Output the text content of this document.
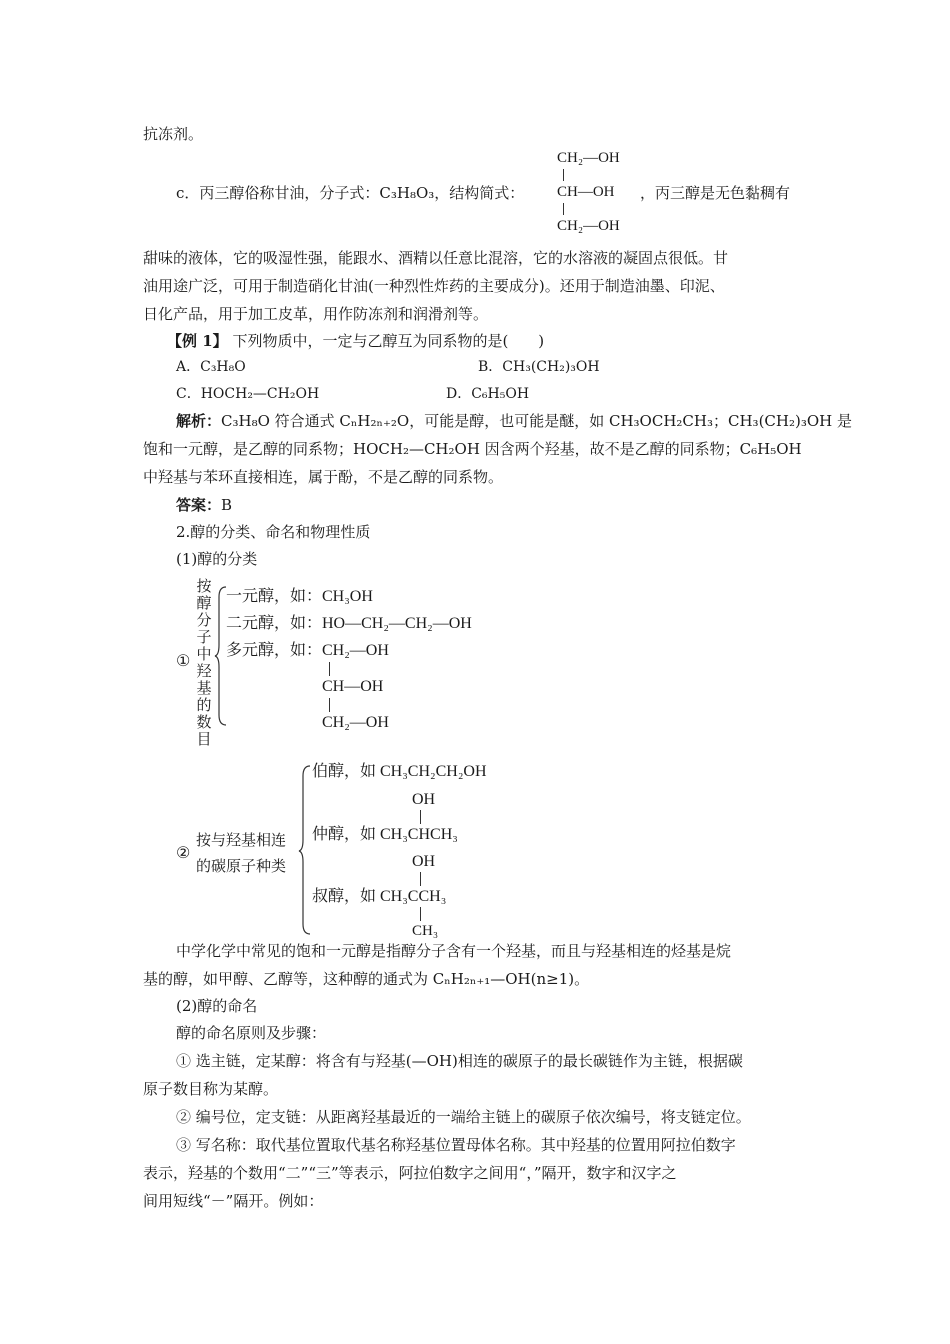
抗冻剂。
CH₂—OH
CH—OH
CH₂—OH
c．丙三醇俗称甘油，分子式：C₃H₈O₃，结构简式：	，丙三醇是无色黏稠有
甜味的液体，它的吸湿性强，能跟水、酒精以任意比混溶，它的水溶液的凝固点很低。甘
油用途广泛，可用于制造硝化甘油(一种烈性炸药的主要成分)。还用于制造油墨、印泥、
日化产品，用于加工皮革，用作防冻剂和润滑剂等。
【例 1】 下列物质中，一定与乙醇互为同系物的是(　　)
A．C₃H₈O	B．CH₃(CH₂)₃OH
C．HOCH₂—CH₂OH	D．C₆H₅OH
解析：C₃H₈O 符合通式 CₙH₂ₙ₊₂O，可能是醇，也可能是醚，如 CH₃OCH₂CH₃；CH₃(CH₂)₃OH 是
饱和一元醇，是乙醇的同系物；HOCH₂—CH₂OH 因含两个羟基，故不是乙醇的同系物；C₆H₅OH
中羟基与苯环直接相连，属于酚，不是乙醇的同系物。
答案：B
2.醇的分类、命名和物理性质
(1)醇的分类
①
按
醇
分
子
中
羟
基
的
数
目
一元醇，如：CH₃OH
二元醇，如：HO—CH₂—CH₂—OH
多元醇，如： CH₂—OH
CH—OH
CH₂—OH
②
按与羟基相连
的碳原子种类
伯醇，如 CH₃CH₂CH₂OH
OH
仲醇，如 CH₃CHCH₃
OH
叔醇，如 CH₃CCH₃
CH₃
中学化学中常见的饱和一元醇是指醇分子含有一个羟基，而且与羟基相连的烃基是烷
基的醇，如甲醇、乙醇等，这种醇的通式为 CₙH₂ₙ₊₁—OH(n≥1)。
(2)醇的命名
醇的命名原则及步骤：
① 选主链，定某醇：将含有与羟基(—OH)相连的碳原子的最长碳链作为主链，根据碳
原子数目称为某醇。
② 编号位，定支链：从距离羟基最近的一端给主链上的碳原子依次编号，将支链定位。
③ 写名称：取代基位置取代基名称羟基位置母体名称。其中羟基的位置用阿拉伯数字
表示，羟基的个数用“二”“三”等表示，阿拉伯数字之间用“，”隔开，数字和汉字之
间用短线“－”隔开。例如：
